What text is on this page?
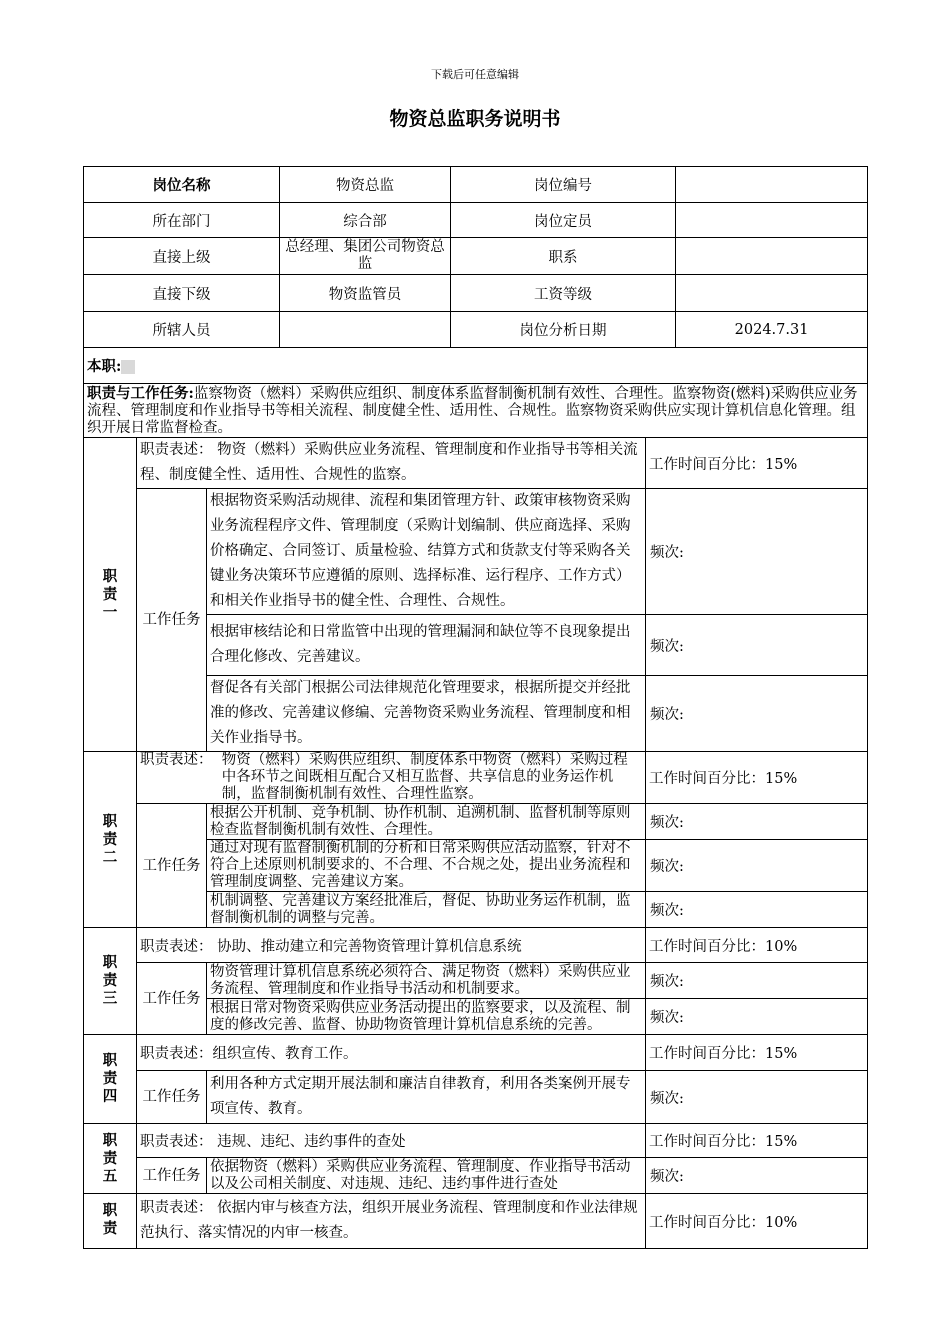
下载后可任意编辑
物资总监职务说明书
岗位名称			物资总监	岗位编号		
所在部门			综合部	岗位定员		
直接上级			总经理、集团公司物资总监	职系		
直接下级			物资监管员	工资等级		
所辖人员				岗位分析日期		2024.7.31
本职:						
职责与工作任务:监察物资（燃料）采购供应组织、制度体系监督制衡机制有效性、合理性。监察物资(燃料)采购供应业务流程、管理制度和作业指导书等相关流程、制度健全性、适用性、合规性。监察物资采购供应实现计算机信息化管理。组织开展日常监督检查。						
职
责
一	职责表述： 物资（燃料）采购供应业务流程、管理制度和作业指导书等相关流程、制度健全性、适用性、合规性的监察。				工作时间百分比：15%	
	工作任务	根据物资采购活动规律、流程和集团管理方针、政策审核物资采购业务流程程序文件、管理制度（采购计划编制、供应商选择、采购价格确定、合同签订、质量检验、结算方式和货款支付等采购各关键业务决策环节应遵循的原则、选择标准、运行程序、工作方式）和相关作业指导书的健全性、合理性、合规性。			频次:	
		根据审核结论和日常监管中出现的管理漏洞和缺位等不良现象提出合理化修改、完善建议。			频次:	
		督促各有关部门根据公司法律规范化管理要求，根据所提交并经批准的修改、完善建议修编、完善物资采购业务流程、管理制度和相关作业指导书。			频次:	
职
责
二	职责表述： 物资（燃料）采购供应组织、制度体系中物资（燃料）采购过程中各环节之间既相互配合又相互监督、共享信息的业务运作机制，监督制衡机制有效性、合理性监察。				工作时间百分比：15%	
	工作任务	根据公开机制、竞争机制、协作机制、追溯机制、监督机制等原则检查监督制衡机制有效性、合理性。			频次:	
		通过对现有监督制衡机制的分析和日常采购供应活动监察，针对不符合上述原则机制要求的、不合理、不合规之处，提出业务流程和管理制度调整、完善建议方案。			频次:	
		机制调整、完善建议方案经批准后，督促、协助业务运作机制，监督制衡机制的调整与完善。			频次:	
职
责
三	职责表述： 协助、推动建立和完善物资管理计算机信息系统				工作时间百分比：10%	
	工作任务	物资管理计算机信息系统必须符合、满足物资（燃料）采购供应业务流程、管理制度和作业指导书活动和机制要求。			频次:	
		根据日常对物资采购供应业务活动提出的监察要求，以及流程、制度的修改完善、监督、协助物资管理计算机信息系统的完善。			频次:	
职
责
四	职责表述：组织宣传、教育工作。				工作时间百分比：15%	
	工作任务	利用各种方式定期开展法制和廉洁自律教育，利用各类案例开展专项宣传、教育。			频次:	
职
责
五	职责表述： 违规、违纪、违约事件的查处				工作时间百分比：15%	
	工作任务	依据物资（燃料）采购供应业务流程、管理制度、作业指导书活动以及公司相关制度、对违规、违纪、违约事件进行查处			频次:	
职
责	职责表述： 依据内审与核查方法，组织开展业务流程、管理制度和作业法律规范执行、落实情况的内审一核查。				工作时间百分比：10%	
